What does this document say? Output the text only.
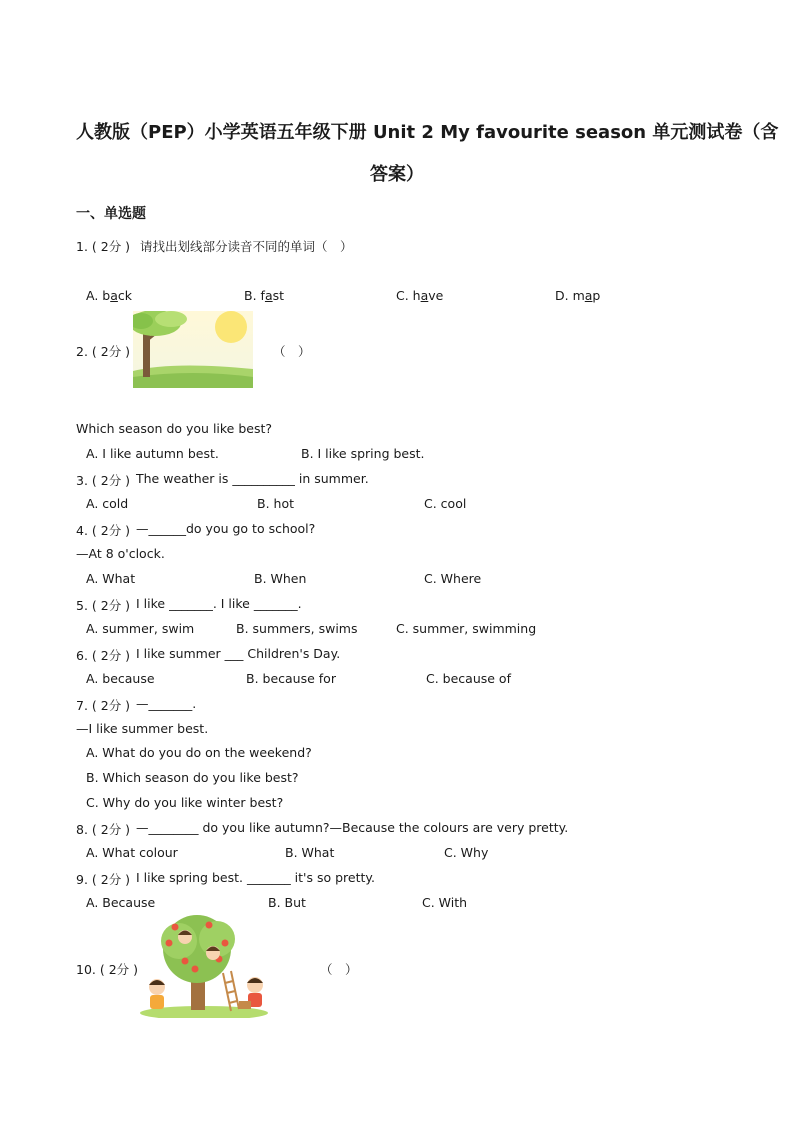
人教版（PEP）小学英语五年级下册 Unit 2 My favourite season 单元测试卷（含
答案）
一、单选题
1. ( 2分 ) 请找出划线部分读音不同的单词（　）
A. back	B. fast	C. have	D. map
2. ( 2分 )	（　）
Which season do you like best?
A. I like autumn best.	B. I like spring best.
3. ( 2分 ) The weather is __________ in summer.
A. cold	B. hot	C. cool
4. ( 2分 ) —______do you go to school?
—At 8 o'clock.
A. What	B. When	C. Where
5. ( 2分 ) I like _______. I like _______.
A. summer, swim	B. summers, swims	C. summer, swimming
6. ( 2分 ) I like summer ___ Children's Day.
A. because	B. because for	C. because of
7. ( 2分 ) —_______.
—I like summer best.
A. What do you do on the weekend?
B. Which season do you like best?
C. Why do you like winter best?
8. ( 2分 ) —________ do you like autumn?—Because the colours are very pretty.
A. What colour	B. What	C. Why
9. ( 2分 ) I like spring best. _______ it's so pretty.
A. Because	B. But	C. With
10. ( 2分 )	（　）
